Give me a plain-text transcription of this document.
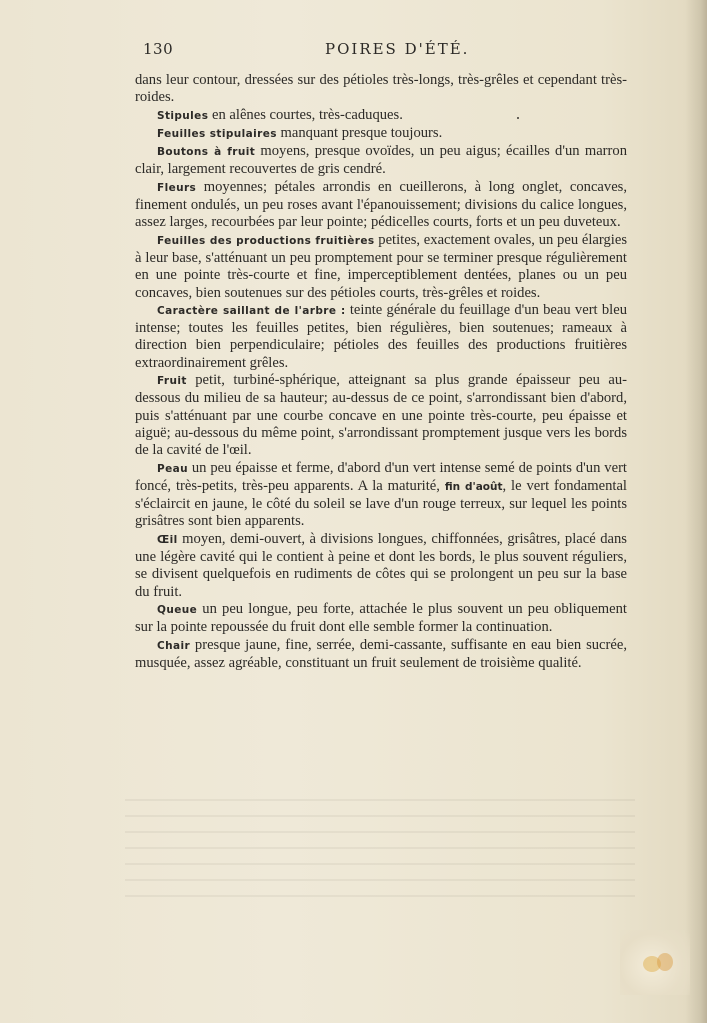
130	POIRES D'ÉTÉ.

dans leur contour, dressées sur des pétioles très-longs, très-grêles et cependant très-roides.

Stipules en alênes courtes, très-caduques.

Feuilles stipulaires manquant presque toujours.

Boutons à fruit moyens, presque ovoïdes, un peu aigus; écailles d'un marron clair, largement recouvertes de gris cendré.

Fleurs moyennes; pétales arrondis en cueillerons, à long onglet, concaves, finement ondulés, un peu roses avant l'épanouissement; divisions du calice longues, assez larges, recourbées par leur pointe; pédicelles courts, forts et un peu duveteux.

Feuilles des productions fruitières petites, exactement ovales, un peu élargies à leur base, s'atténuant un peu promptement pour se terminer presque régulièrement en une pointe très-courte et fine, imperceptiblement dentées, planes ou un peu concaves, bien soutenues sur des pétioles courts, très-grêles et roides.

Caractère saillant de l'arbre : teinte générale du feuillage d'un beau vert bleu intense; toutes les feuilles petites, bien régulières, bien soutenues; rameaux à direction bien perpendiculaire; pétioles des feuilles des productions fruitières extraordinairement grêles.

Fruit petit, turbiné-sphérique, atteignant sa plus grande épaisseur peu au-dessous du milieu de sa hauteur; au-dessus de ce point, s'arrondissant bien d'abord, puis s'atténuant par une courbe concave en une pointe très-courte, peu épaisse et aiguë; au-dessous du même point, s'arrondissant promptement jusque vers les bords de la cavité de l'œil.

Peau un peu épaisse et ferme, d'abord d'un vert intense semé de points d'un vert foncé, très-petits, très-peu apparents. A la maturité, fin d'août, le vert fondamental s'éclaircit en jaune, le côté du soleil se lave d'un rouge terreux, sur lequel les points grisâtres sont bien apparents.

Œil moyen, demi-ouvert, à divisions longues, chiffonnées, grisâtres, placé dans une légère cavité qui le contient à peine et dont les bords, le plus souvent réguliers, se divisent quelquefois en rudiments de côtes qui se prolongent un peu sur la base du fruit.

Queue un peu longue, peu forte, attachée le plus souvent un peu obliquement sur la pointe repoussée du fruit dont elle semble former la continuation.

Chair presque jaune, fine, serrée, demi-cassante, suffisante en eau bien sucrée, musquée, assez agréable, constituant un fruit seulement de troisième qualité.
